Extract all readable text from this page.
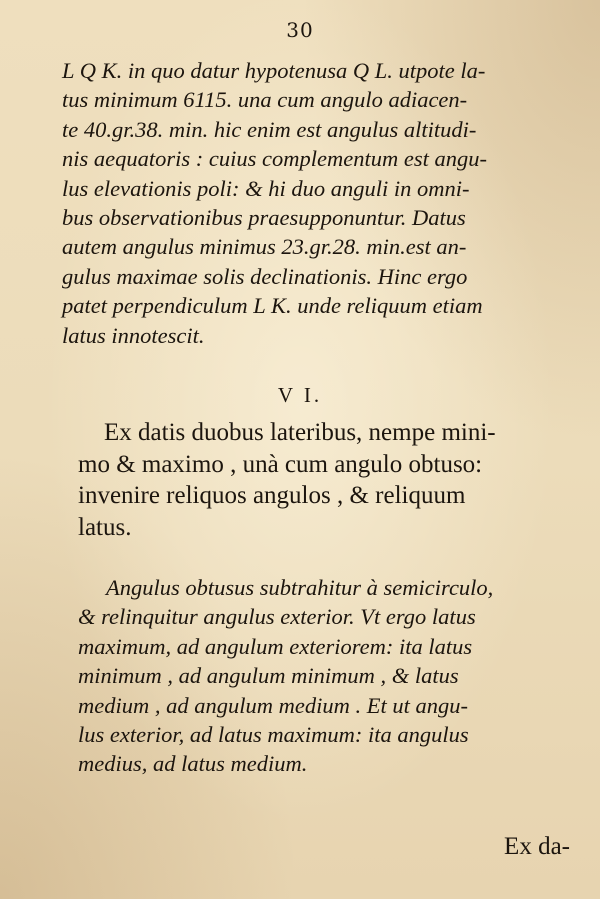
30
L Q K. in quo datur hypotenusa Q L. utpote la-
tus minimum 6115. una cum angulo adiacen-
te 40.gr.38. min. hic enim est angulus altitudi-
nis aequatoris : cuius complementum est angu-
lus elevationis poli: & hi duo anguli in omni-
bus observationibus praesupponuntur. Datus
autem angulus minimus 23.gr.28. min.est an-
gulus maximae solis declinationis. Hinc ergo
patet perpendiculum L K. unde reliquum etiam
latus innotescit.
V I.
Ex datis duobus lateribus, nempe mini-
mo & maximo , unà cum angulo obtuso:
invenire reliquos angulos , & reliquum
latus.
Angulus obtusus subtrahitur à semicirculo,
& relinquitur angulus exterior. Vt ergo latus
maximum, ad angulum exteriorem: ita latus
minimum , ad angulum minimum , & latus
medium , ad angulum medium . Et ut angu-
lus exterior, ad latus maximum: ita angulus
medius, ad latus medium.
Ex da-
